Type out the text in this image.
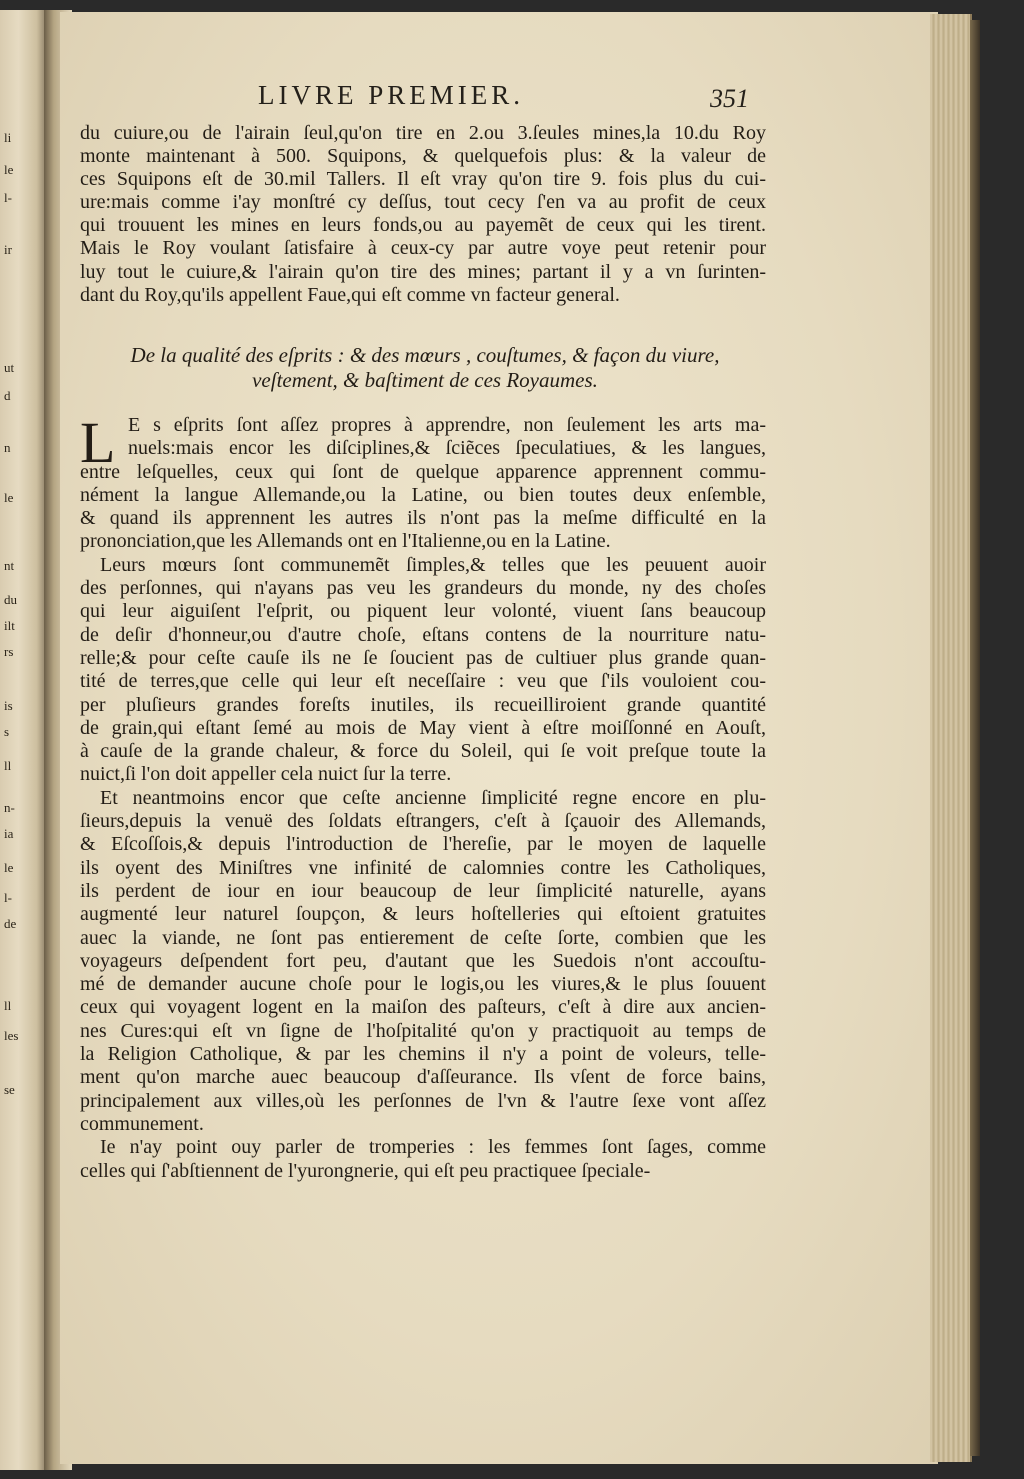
li
le
l-
ir
ut
d
n
le
nt
du
ilt
rs
is
s
ll
n-
ia
le
l-
de
ll
les
se
LIVRE PREMIER.	351
du cuiure,ou de l'airain ſeul,qu'on tire en 2.ou 3.ſeules mines,la 10.du Roy
monte maintenant à 500. Squipons, & quelquefois plus: & la valeur de
ces Squipons eſt de 30.mil Tallers. Il eſt vray qu'on tire 9. fois plus du cui-
ure:mais comme i'ay monſtré cy deſſus, tout cecy ſ'en va au profit de ceux
qui trouuent les mines en leurs fonds,ou au payemẽt de ceux qui les tirent.
Mais le Roy voulant ſatisfaire à ceux-cy par autre voye peut retenir pour
luy tout le cuiure,& l'airain qu'on tire des mines; partant il y a vn ſurinten-
dant du Roy,qu'ils appellent Faue,qui eſt comme vn facteur general.
De la qualité des eſprits : & des mœurs , couſtumes, & façon du viure,
veſtement, & baſtiment de ces Royaumes.
L E s eſprits ſont aſſez propres à apprendre, non ſeulement les arts ma-
nuels:mais encor les diſciplines,& ſciẽces ſpeculatiues, & les langues,
entre leſquelles, ceux qui ſont de quelque apparence apprennent commu-
nément la langue Allemande,ou la Latine, ou bien toutes deux enſemble,
& quand ils apprennent les autres ils n'ont pas la meſme difficulté en la
prononciation,que les Allemands ont en l'Italienne,ou en la Latine.
Leurs mœurs ſont communemẽt ſimples,& telles que les peuuent auoir
des perſonnes, qui n'ayans pas veu les grandeurs du monde, ny des choſes
qui leur aiguiſent l'eſprit, ou piquent leur volonté, viuent ſans beaucoup
de deſir d'honneur,ou d'autre choſe, eſtans contens de la nourriture natu-
relle;& pour ceſte cauſe ils ne ſe ſoucient pas de cultiuer plus grande quan-
tité de terres,que celle qui leur eſt neceſſaire : veu que ſ'ils vouloient cou-
per pluſieurs grandes foreſts inutiles, ils recueilliroient grande quantité
de grain,qui eſtant ſemé au mois de May vient à eſtre moiſſonné en Aouſt,
à cauſe de la grande chaleur, & force du Soleil, qui ſe voit preſque toute la
nuict,ſi l'on doit appeller cela nuict ſur la terre.
Et neantmoins encor que ceſte ancienne ſimplicité regne encore en plu-
ſieurs,depuis la venuë des ſoldats eſtrangers, c'eſt à ſçauoir des Allemands,
& Eſcoſſois,& depuis l'introduction de l'hereſie, par le moyen de laquelle
ils oyent des Miniſtres vne infinité de calomnies contre les Catholiques,
ils perdent de iour en iour beaucoup de leur ſimplicité naturelle, ayans
augmenté leur naturel ſoupçon, & leurs hoſtelleries qui eſtoient gratuites
auec la viande, ne ſont pas entierement de ceſte ſorte, combien que les
voyageurs deſpendent fort peu, d'autant que les Suedois n'ont accouſtu-
mé de demander aucune choſe pour le logis,ou les viures,& le plus ſouuent
ceux qui voyagent logent en la maiſon des paſteurs, c'eſt à dire aux ancien-
nes Cures:qui eſt vn ſigne de l'hoſpitalité qu'on y practiquoit au temps de
la Religion Catholique, & par les chemins il n'y a point de voleurs, telle-
ment qu'on marche auec beaucoup d'aſſeurance. Ils vſent de force bains,
principalement aux villes,où les perſonnes de l'vn & l'autre ſexe vont aſſez
communement.
Ie n'ay point ouy parler de tromperies : les femmes ſont ſages, comme
celles qui ſ'abſtiennent de l'yurongnerie, qui eſt peu practiquee ſpeciale-
